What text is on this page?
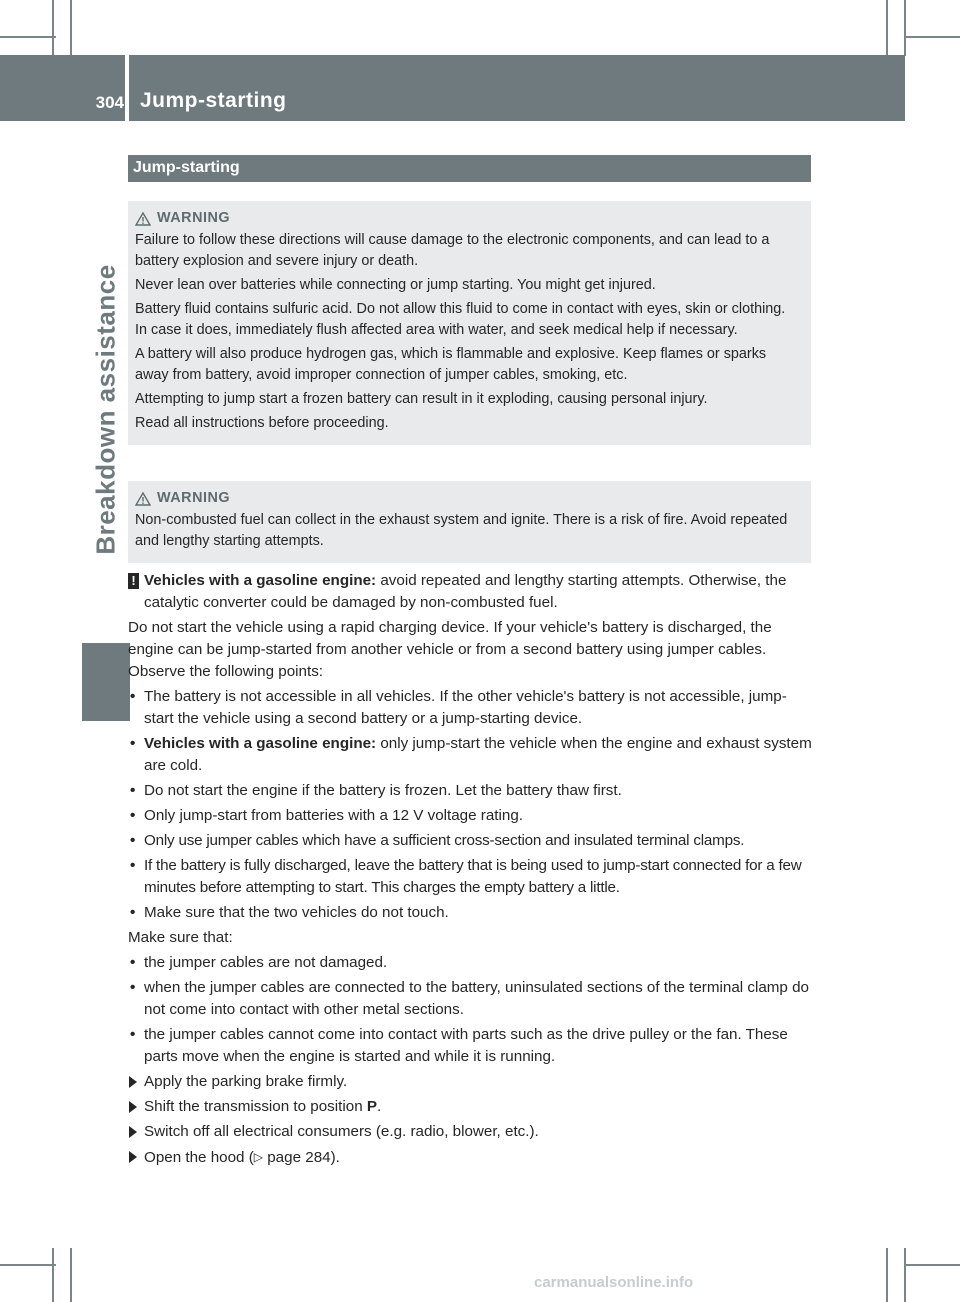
304 Jump-starting
Breakdown assistance
Jump-starting
WARNING

Failure to follow these directions will cause damage to the electronic components, and can lead to a battery explosion and severe injury or death.

Never lean over batteries while connecting or jump starting. You might get injured.

Battery fluid contains sulfuric acid. Do not allow this fluid to come in contact with eyes, skin or clothing. In case it does, immediately flush affected area with water, and seek medical help if necessary.

A battery will also produce hydrogen gas, which is flammable and explosive. Keep flames or sparks away from battery, avoid improper connection of jumper cables, smoking, etc.

Attempting to jump start a frozen battery can result in it exploding, causing personal injury.

Read all instructions before proceeding.

WARNING

Non-combusted fuel can collect in the exhaust system and ignite. There is a risk of fire. Avoid repeated and lengthy starting attempts.

! Vehicles with a gasoline engine: avoid repeated and lengthy starting attempts. Otherwise, the catalytic converter could be damaged by non-combusted fuel.

Do not start the vehicle using a rapid charging device. If your vehicle's battery is discharged, the engine can be jump-started from another vehicle or from a second battery using jumper cables. Observe the following points:

• The battery is not accessible in all vehicles. If the other vehicle's battery is not accessible, jump-start the vehicle using a second battery or a jump-starting device.
• Vehicles with a gasoline engine: only jump-start the vehicle when the engine and exhaust system are cold.
• Do not start the engine if the battery is frozen. Let the battery thaw first.
• Only jump-start from batteries with a 12 V voltage rating.
• Only use jumper cables which have a sufficient cross-section and insulated terminal clamps.
• If the battery is fully discharged, leave the battery that is being used to jump-start connected for a few minutes before attempting to start. This charges the empty battery a little.
• Make sure that the two vehicles do not touch.

Make sure that:

• the jumper cables are not damaged.
• when the jumper cables are connected to the battery, uninsulated sections of the terminal clamp do not come into contact with other metal sections.
• the jumper cables cannot come into contact with parts such as the drive pulley or the fan. These parts move when the engine is started and while it is running.
Apply the parking brake firmly.
Shift the transmission to position P.
Switch off all electrical consumers (e.g. radio, blower, etc.).
Open the hood (▷ page 284).
carmanualsonline.info
